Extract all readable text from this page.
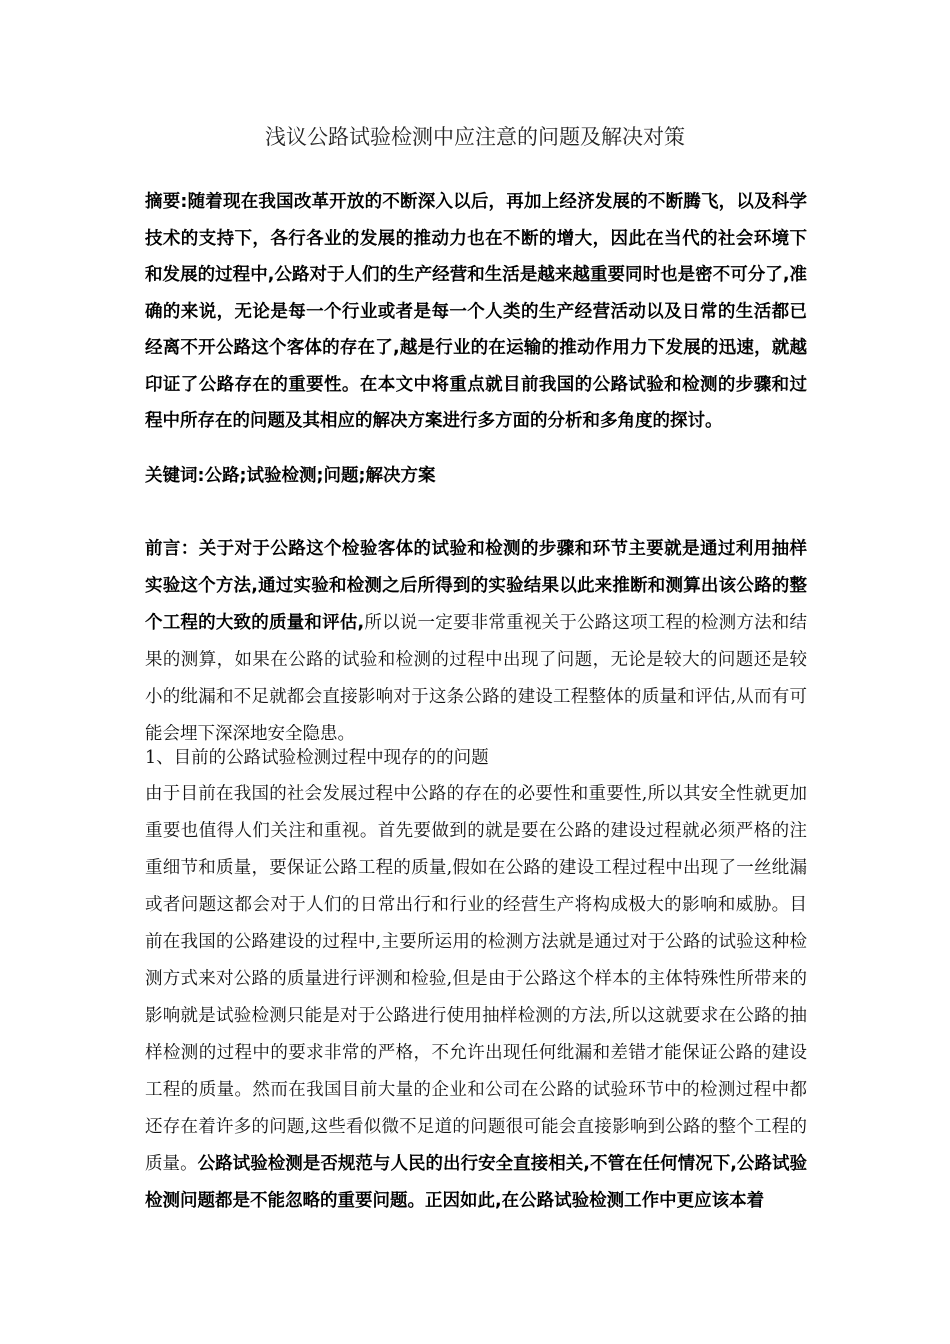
浅议公路试验检测中应注意的问题及解决对策

摘要:随着现在我国改革开放的不断深入以后，再加上经济发展的不断腾飞，以及科学技术的支持下，各行各业的发展的推动力也在不断的增大，因此在当代的社会环境下和发展的过程中,公路对于人们的生产经营和生活是越来越重要同时也是密不可分了,准确的来说，无论是每一个行业或者是每一个人类的生产经营活动以及日常的生活都已经离不开公路这个客体的存在了,越是行业的在运输的推动作用力下发展的迅速，就越印证了公路存在的重要性。在本文中将重点就目前我国的公路试验和检测的步骤和过程中所存在的问题及其相应的解决方案进行多方面的分析和多角度的探讨。

关键词:公路;试验检测;问题;解决方案

前言：关于对于公路这个检验客体的试验和检测的步骤和环节主要就是通过利用抽样实验这个方法,通过实验和检测之后所得到的实验结果以此来推断和测算出该公路的整个工程的大致的质量和评估,所以说一定要非常重视关于公路这项工程的检测方法和结果的测算，如果在公路的试验和检测的过程中出现了问题，无论是较大的问题还是较小的纰漏和不足就都会直接影响对于这条公路的建设工程整体的质量和评估,从而有可能会埋下深深地安全隐患。

1、目前的公路试验检测过程中现存的的问题

由于目前在我国的社会发展过程中公路的存在的必要性和重要性,所以其安全性就更加重要也值得人们关注和重视。首先要做到的就是要在公路的建设过程就必须严格的注重细节和质量，要保证公路工程的质量,假如在公路的建设工程过程中出现了一丝纰漏或者问题这都会对于人们的日常出行和行业的经营生产将构成极大的影响和威胁。目前在我国的公路建设的过程中,主要所运用的检测方法就是通过对于公路的试验这种检测方式来对公路的质量进行评测和检验,但是由于公路这个样本的主体特殊性所带来的影响就是试验检测只能是对于公路进行使用抽样检测的方法,所以这就要求在公路的抽样检测的过程中的要求非常的严格，不允许出现任何纰漏和差错才能保证公路的建设工程的质量。然而在我国目前大量的企业和公司在公路的试验环节中的检测过程中都还存在着许多的问题,这些看似微不足道的问题很可能会直接影响到公路的整个工程的质量。公路试验检测是否规范与人民的出行安全直接相关,不管在任何情况下,公路试验检测问题都是不能忽略的重要问题。正因如此,在公路试验检测工作中更应该本着
